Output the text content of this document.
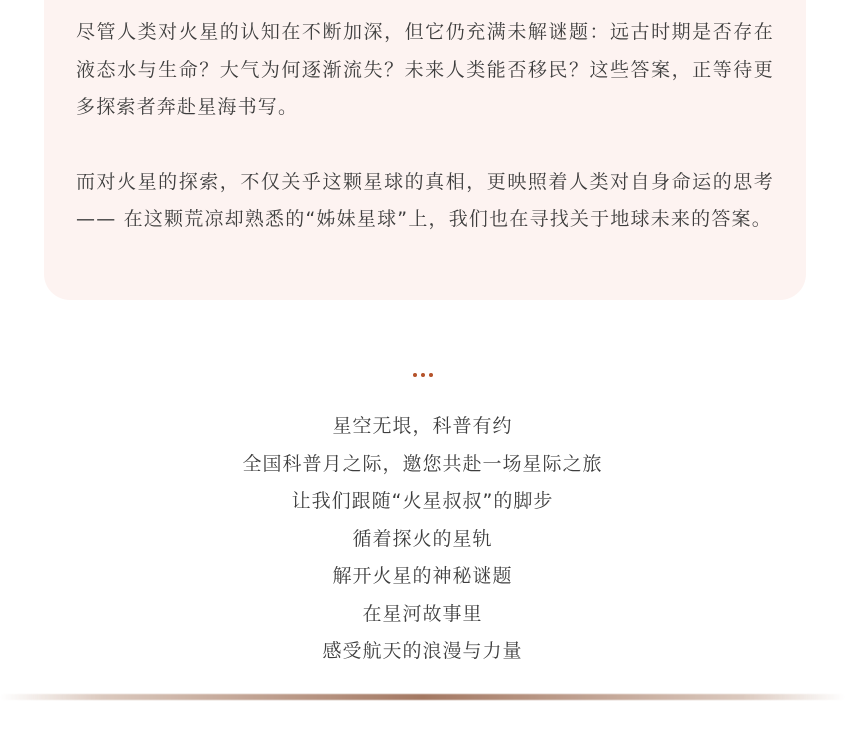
尽管人类对火星的认知在不断加深，但它仍充满未解谜题：远古时期是否存在液态水与生命？大气为何逐渐流失？未来人类能否移民？这些答案，正等待更多探索者奔赴星海书写。

而对火星的探索，不仅关乎这颗星球的真相，更映照着人类对自身命运的思考 —— 在这颗荒凉却熟悉的“姊妹星球”上，我们也在寻找关于地球未来的答案。

星空无垠，科普有约
全国科普月之际，邀您共赴一场星际之旅
让我们跟随“火星叔叔”的脚步
循着探火的星轨
解开火星的神秘谜题
在星河故事里
感受航天的浪漫与力量
